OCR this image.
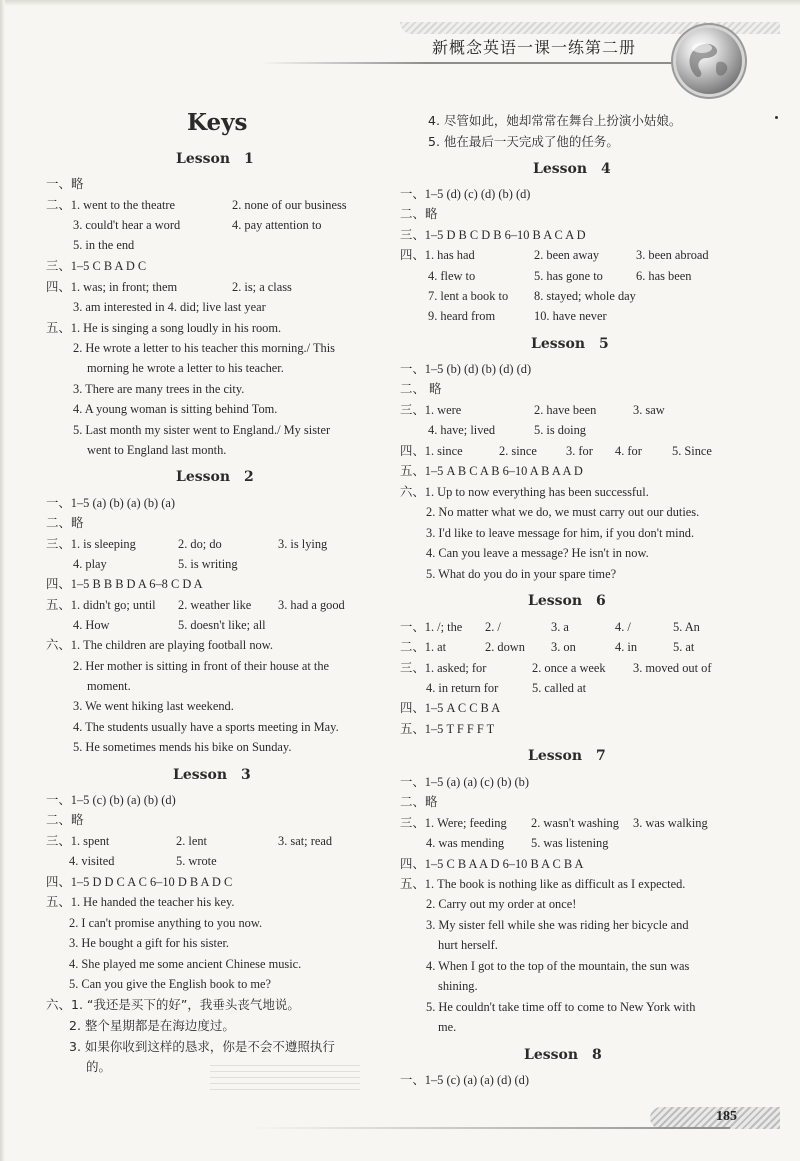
新概念英语一课一练第二册
Keys
Lesson　1
一、略
二、1. went to the theatre	2. none of our business
3. could't hear a word	4. pay attention to
5. in the end
三、1–5 C B A D C
四、1. was; in front; them	2. is; a class
3. am interested in 4. did; live last year
五、1. He is singing a song loudly in his room.
2. He wrote a letter to his teacher this morning./ This
morning he wrote a letter to his teacher.
3. There are many trees in the city.
4. A young woman is sitting behind Tom.
5. Last month my sister went to England./ My sister
went to England last month.
Lesson　2
一、1–5 (a) (b) (a) (b) (a)
二、略
三、1. is sleeping	2. do; do	3. is lying
4. play	5. is writing
四、1–5 B B B D A 6–8 C D A
五、1. didn't go; until 2. weather like 3. had a good
4. How	5. doesn't like; all
六、1. The children are playing football now.
2. Her mother is sitting in front of their house at the
moment.
3. We went hiking last weekend.
4. The students usually have a sports meeting in May.
5. He sometimes mends his bike on Sunday.
Lesson　3
一、1–5 (c) (b) (a) (b) (d)
二、略
三、1. spent	2. lent	3. sat; read
4. visited	5. wrote
四、1–5 D D C A C 6–10 D B A D C
五、1. He handed the teacher his key.
2. I can't promise anything to you now.
3. He bought a gift for his sister.
4. She played me some ancient Chinese music.
5. Can you give the English book to me?
六、1. “我还是买下的好”，我垂头丧气地说。
2. 整个星期都是在海边度过。
3. 如果你收到这样的恳求，你是不会不遵照执行
的。
4. 尽管如此，她却常常在舞台上扮演小姑娘。
5. 他在最后一天完成了他的任务。
Lesson　4
一、1–5 (d) (c) (d) (b) (d)
二、略
三、1–5 D B C D B 6–10 B A C A D
四、1. has had	2. been away	3. been abroad
4. flew to	5. has gone to	6. has been
7. lent a book to 8. stayed; whole day
9. heard from	10. have never
Lesson　5
一、1–5 (b) (d) (b) (d) (d)
二、 略
三、1. were	2. have been	3. saw
4. have; lived	5. is doing
四、1. since	2. since 3. for 4. for 5. Since
五、1–5 A B C A B 6–10 A B A A D
六、1. Up to now everything has been successful.
2. No matter what we do, we must carry out our duties.
3. I'd like to leave message for him, if you don't mind.
4. Can you leave a message? He isn't in now.
5. What do you do in your spare time?
Lesson　6
一、1. /; the 2. /	3. a	4. /	5. An
二、1. at	2. down 3. on	4. in	5. at
三、1. asked; for	2. once a week 3. moved out of
4. in return for	5. called at
四、1–5 A C C B A
五、1–5 T F F F T
Lesson　7
一、1–5 (a) (a) (c) (b) (b)
二、略
三、1. Were; feeding 2. wasn't washing 3. was walking
4. was mending 5. was listening
四、1–5 C B A A D 6–10 B A C B A
五、1. The book is nothing like as difficult as I expected.
2. Carry out my order at once!
3. My sister fell while she was riding her bicycle and
hurt herself.
4. When I got to the top of the mountain, the sun was
shining.
5. He couldn't take time off to come to New York with
me.
Lesson　8
一、1–5 (c) (a) (a) (d) (d)
185
